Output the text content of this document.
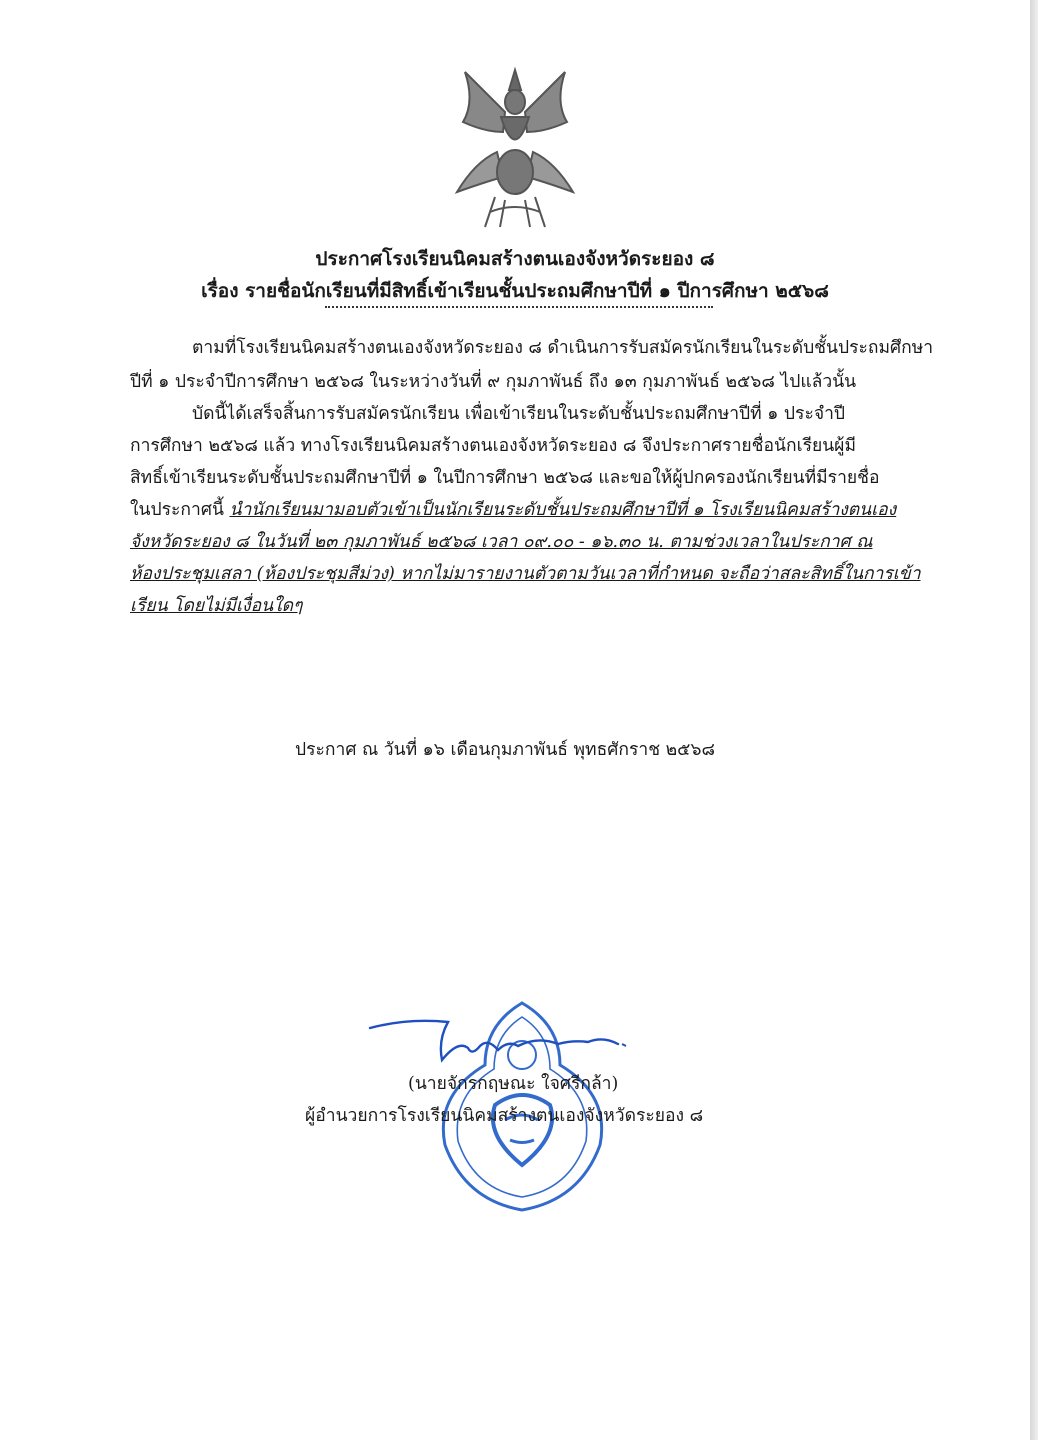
ประกาศโรงเรียนนิคมสร้างตนเองจังหวัดระยอง ๘
เรื่อง รายชื่อนักเรียนที่มีสิทธิ์เข้าเรียนชั้นประถมศึกษาปีที่ ๑ ปีการศึกษา ๒๕๖๘
ตามที่โรงเรียนนิคมสร้างตนเองจังหวัดระยอง ๘ ดำเนินการรับสมัครนักเรียนในระดับชั้นประถมศึกษา
ปีที่ ๑ ประจำปีการศึกษา ๒๕๖๘ ในระหว่างวันที่ ๙ กุมภาพันธ์ ถึง ๑๓ กุมภาพันธ์ ๒๕๖๘ ไปแล้วนั้น
บัดนี้ได้เสร็จสิ้นการรับสมัครนักเรียน เพื่อเข้าเรียนในระดับชั้นประถมศึกษาปีที่ ๑ ประจำปี
การศึกษา ๒๕๖๘ แล้ว ทางโรงเรียนนิคมสร้างตนเองจังหวัดระยอง ๘ จึงประกาศรายชื่อนักเรียนผู้มี
สิทธิ์เข้าเรียนระดับชั้นประถมศึกษาปีที่ ๑ ในปีการศึกษา ๒๕๖๘ และขอให้ผู้ปกครองนักเรียนที่มีรายชื่อ
ในประกาศนี้ นำนักเรียนมามอบตัวเข้าเป็นนักเรียนระดับชั้นประถมศึกษาปีที่ ๑ โรงเรียนนิคมสร้างตนเอง
จังหวัดระยอง ๘ ในวันที่ ๒๓ กุมภาพันธ์ ๒๕๖๘ เวลา ๐๙.๐๐ - ๑๖.๓๐ น. ตามช่วงเวลาในประกาศ ณ
ห้องประชุมเสลา (ห้องประชุมสีม่วง) หากไม่มารายงานตัวตามวันเวลาที่กำหนด จะถือว่าสละสิทธิ์ในการเข้า
เรียน โดยไม่มีเงื่อนใดๆ
ประกาศ ณ วันที่ ๑๖ เดือนกุมภาพันธ์ พุทธศักราช ๒๕๖๘
(นายจักรกฤษณะ ใจศรีกล้า)
ผู้อำนวยการโรงเรียนนิคมสร้างตนเองจังหวัดระยอง ๘
